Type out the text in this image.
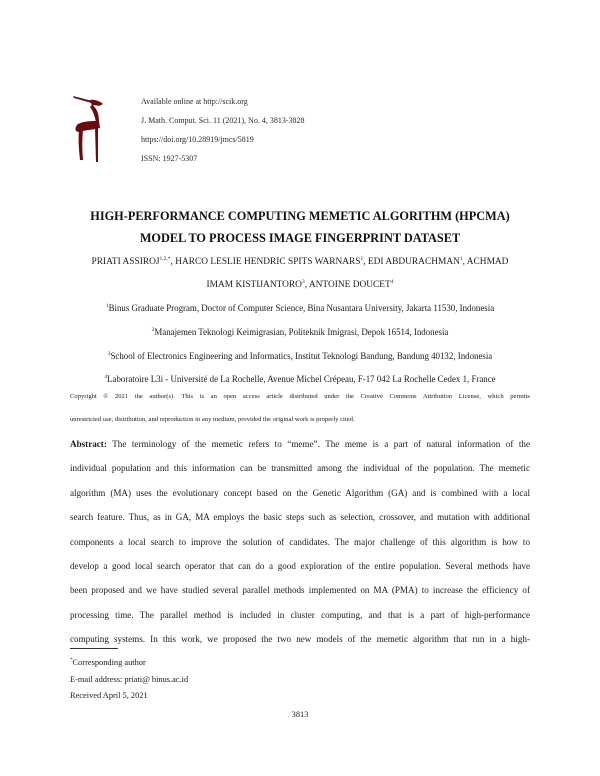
Available online at http://scik.org
J. Math. Comput. Sci. 11 (2021), No. 4, 3813-3828
https://doi.org/10.28919/jmcs/5819
ISSN: 1927-5307
HIGH-PERFORMANCE COMPUTING MEMETIC ALGORITHM (HPCMA)
MODEL TO PROCESS IMAGE FINGERPRINT DATASET
PRIATI $ASSIROJ^{1,2,*}$, HARCO LESLIE HENDRIC SPITS WARNARS$^1$, EDI ABDURACHMAN$^1$, ACHMAD
IMAM KISTIJANTORO$^3$, ANTOINE DOUCET$^4$
$^1$Binus Graduate Program, Doctor of Computer Science, Bina Nusantara University, Jakarta 11530, Indonesia
$^2$Manajemen Teknologi Keimigrasian, Politeknik Imigrasi, Depok 16514, Indonesia
$^3$School of Electronics Engineering and Informatics, Institut Teknologi Bandung, Bandung 40132, Indonesia
$^4$Laboratoire L3i - Université de La Rochelle, Avenue Michel Crépeau, F-17 042 La Rochelle Cedex 1, France
Copyright © 2021 the author(s). This is an open access article distributed under the Creative Commons Attribution License, which permits
unrestricted use, distribution, and reproduction in any medium, provided the original work is properly cited.
Abstract: The terminology of the memetic refers to “meme”. The meme is a part of natural information of the
individual population and this information can be transmitted among the individual of the population. The memetic
algorithm (MA) uses the evolutionary concept based on the Genetic Algorithm (GA) and is combined with a local
search feature. Thus, as in GA, MA employs the basic steps such as selection, crossover, and mutation with additional
components a local search to improve the solution of candidates. The major challenge of this algorithm is how to
develop a good local search operator that can do a good exploration of the entire population. Several methods have
been proposed and we have studied several parallel methods implemented on MA (PMA) to increase the efficiency of
processing time. The parallel method is included in cluster computing, and that is a part of high-performance
computing systems. In this work, we proposed the two new models of the memetic algorithm that run in a high-
*Corresponding author
E-mail address: priati@ binus.ac.id
Received April 5, 2021
3813
